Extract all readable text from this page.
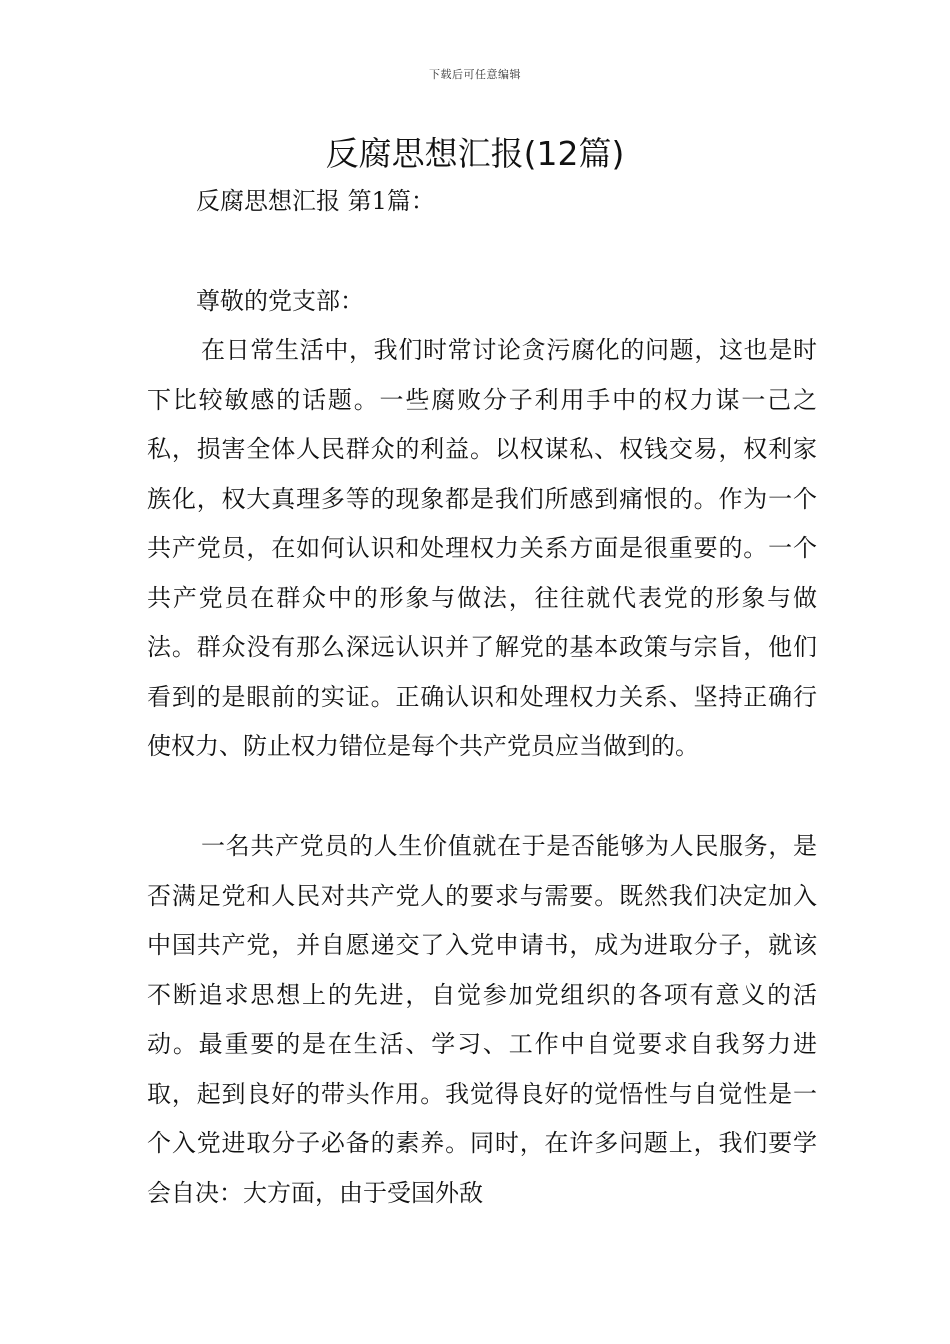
下载后可任意编辑
反腐思想汇报(12篇)
反腐思想汇报 第1篇：

尊敬的党支部：

在日常生活中，我们时常讨论贪污腐化的问题，这也是时下比较敏感的话题。一些腐败分子利用手中的权力谋一己之私，损害全体人民群众的利益。以权谋私、权钱交易，权利家族化，权大真理多等的现象都是我们所感到痛恨的。作为一个共产党员，在如何认识和处理权力关系方面是很重要的。一个共产党员在群众中的形象与做法，往往就代表党的形象与做法。群众没有那么深远认识并了解党的基本政策与宗旨，他们看到的是眼前的实证。正确认识和处理权力关系、坚持正确行使权力、防止权力错位是每个共产党员应当做到的。

一名共产党员的人生价值就在于是否能够为人民服务，是否满足党和人民对共产党人的要求与需要。既然我们决定加入中国共产党，并自愿递交了入党申请书，成为进取分子，就该不断追求思想上的先进，自觉参加党组织的各项有意义的活动。最重要的是在生活、学习、工作中自觉要求自我努力进取，起到良好的带头作用。我觉得良好的觉悟性与自觉性是一个入党进取分子必备的素养。同时，在许多问题上，我们要学会自决：大方面，由于受国外敌
